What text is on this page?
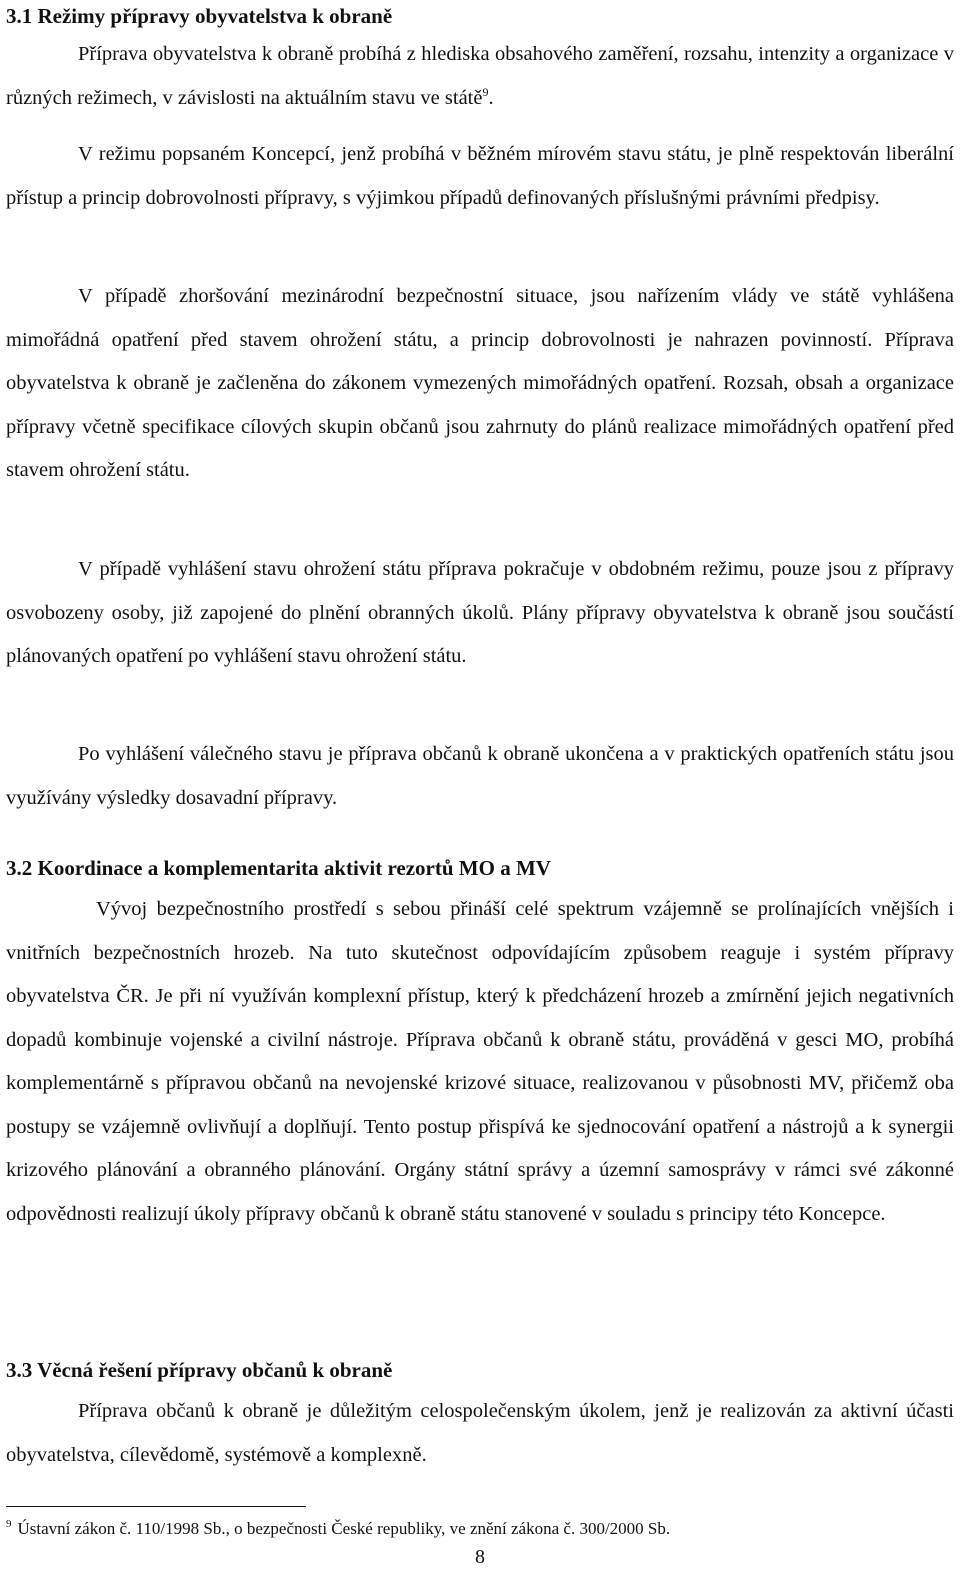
3.1 Režimy přípravy obyvatelstva k obraně

Příprava obyvatelstva k obraně probíhá z hlediska obsahového zaměření, rozsahu, intenzity a organizace v různých režimech, v závislosti na aktuálním stavu ve státě$^9$.

V režimu popsaném Koncepcí, jenž probíhá v běžném mírovém stavu státu, je plně respektován liberální přístup a princip dobrovolnosti přípravy, s výjimkou případů definovaných příslušnými právními předpisy.

V případě zhoršování mezinárodní bezpečnostní situace, jsou nařízením vlády ve státě vyhlášena mimořádná opatření před stavem ohrožení státu, a princip dobrovolnosti je nahrazen povinností. Příprava obyvatelstva k obraně je začleněna do zákonem vymezených mimořádných opatření. Rozsah, obsah a organizace přípravy včetně specifikace cílových skupin občanů jsou zahrnuty do plánů realizace mimořádných opatření před stavem ohrožení státu.

V případě vyhlášení stavu ohrožení státu příprava pokračuje v obdobném režimu, pouze jsou z přípravy osvobozeny osoby, již zapojené do plnění obranných úkolů. Plány přípravy obyvatelstva k obraně jsou součástí plánovaných opatření po vyhlášení stavu ohrožení státu.

Po vyhlášení válečného stavu je příprava občanů k obraně ukončena a v praktických opatřeních státu jsou využívány výsledky dosavadní přípravy.

3.2 Koordinace a komplementarita aktivit rezortů MO a MV

Vývoj bezpečnostního prostředí s sebou přináší celé spektrum vzájemně se prolínajících vnějších i vnitřních bezpečnostních hrozeb. Na tuto skutečnost odpovídajícím způsobem reaguje i systém přípravy obyvatelstva ČR. Je při ní využíván komplexní přístup, který k předcházení hrozeb a zmírnění jejich negativních dopadů kombinuje vojenské a civilní nástroje. Příprava občanů k obraně státu, prováděná v gesci MO, probíhá komplementárně s přípravou občanů na nevojenské krizové situace, realizovanou v působnosti MV, přičemž oba postupy se vzájemně ovlivňují a doplňují. Tento postup přispívá ke sjednocování opatření a nástrojů a k synergii krizového plánování a obranného plánování. Orgány státní správy a územní samosprávy v rámci své zákonné odpovědnosti realizují úkoly přípravy občanů k obraně státu stanovené v souladu s principy této Koncepce.

3.3 Věcná řešení přípravy občanů k obraně

Příprava občanů k obraně je důležitým celospolečenským úkolem, jenž je realizován za aktivní účasti obyvatelstva, cílevědomě, systémově a komplexně.

$^9$ Ústavní zákon č. 110/1998 Sb., o bezpečnosti České republiky, ve znění zákona č. 300/2000 Sb.
8
